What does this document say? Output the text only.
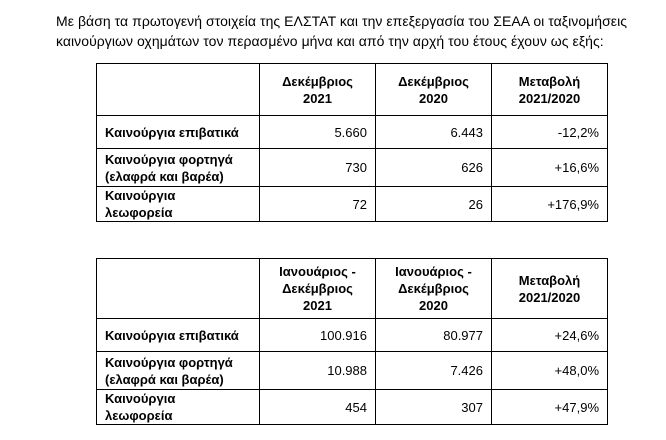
Με βάση τα πρωτογενή στοιχεία της ΕΛΣΤΑΤ και την επεξεργασία του ΣΕΑΑ οι ταξινομήσεις
καινούργιων οχημάτων τον περασμένο μήνα και από την αρχή του έτους έχουν ως εξής:

	Δεκέμβριος
2021	Δεκέμβριος
2020	Μεταβολή
2021/2020

Καινούργια επιβατικά	5.660	6.443	-12,2%

Καινούργια φορτηγά
(ελαφρά και βαρέα)	730	626	+16,6%

Καινούργια
λεωφορεία	72	26	+176,9%

	Ιανουάριος -
Δεκέμβριος
2021	Ιανουάριος -
Δεκέμβριος
2020	Μεταβολή
2021/2020

Καινούργια επιβατικά	100.916	80.977	+24,6%

Καινούργια φορτηγά
(ελαφρά και βαρέα)	10.988	7.426	+48,0%

Καινούργια
λεωφορεία	454	307	+47,9%
